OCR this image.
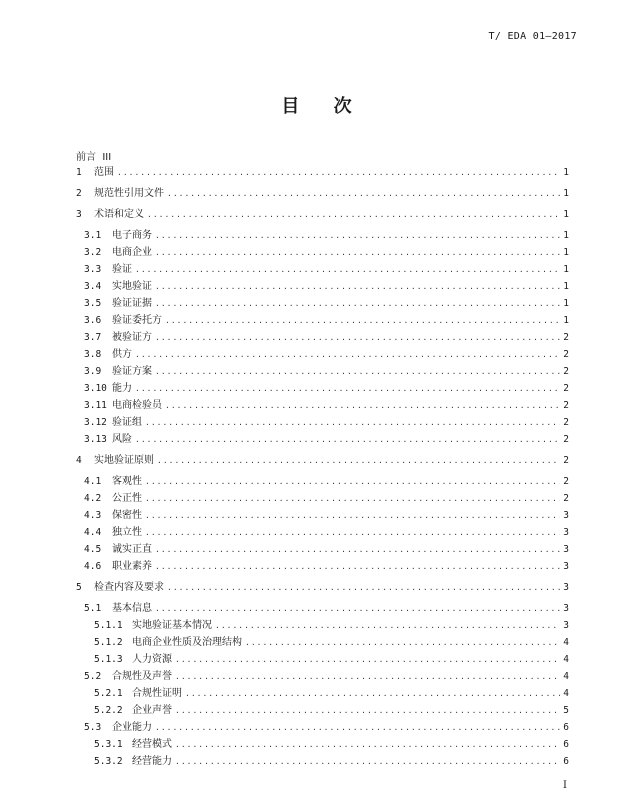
T/ EDA 01—2017
目 次
前言  III
1	范围 .....	1
2	规范性引用文件 .....	1
3	术语和定义 .....	1
3.1	电子商务 .....	1
3.2	电商企业 .....	1
3.3	验证 .....	1
3.4	实地验证 .....	1
3.5	验证证据 .....	1
3.6	验证委托方 .....	1
3.7	被验证方 .....	2
3.8	供方 .....	2
3.9	验证方案 .....	2
3.10 能力 .....	2
3.11 电商检验员 .....	2
3.12 验证组 .....	2
3.13 风险 .....	2
4	实地验证原则 .....	2
4.1	客观性 .....	2
4.2	公正性 .....	2
4.3	保密性 .....	3
4.4	独立性 .....	3
4.5	诚实正直 .....	3
4.6	职业素养 .....	3
5	检查内容及要求 .....	3
5.1	基本信息 .....	3
5.1.1 实地验证基本情况 .....	3
5.1.2 电商企业性质及治理结构 .....	4
5.1.3 人力资源 .....	4
5.2	合规性及声誉 .....	4
5.2.1 合规性证明 .....	4
5.2.2 企业声誉 .....	5
5.3	企业能力 .....	6
5.3.1 经营模式 .....	6
5.3.2 经营能力 .....	6
I
